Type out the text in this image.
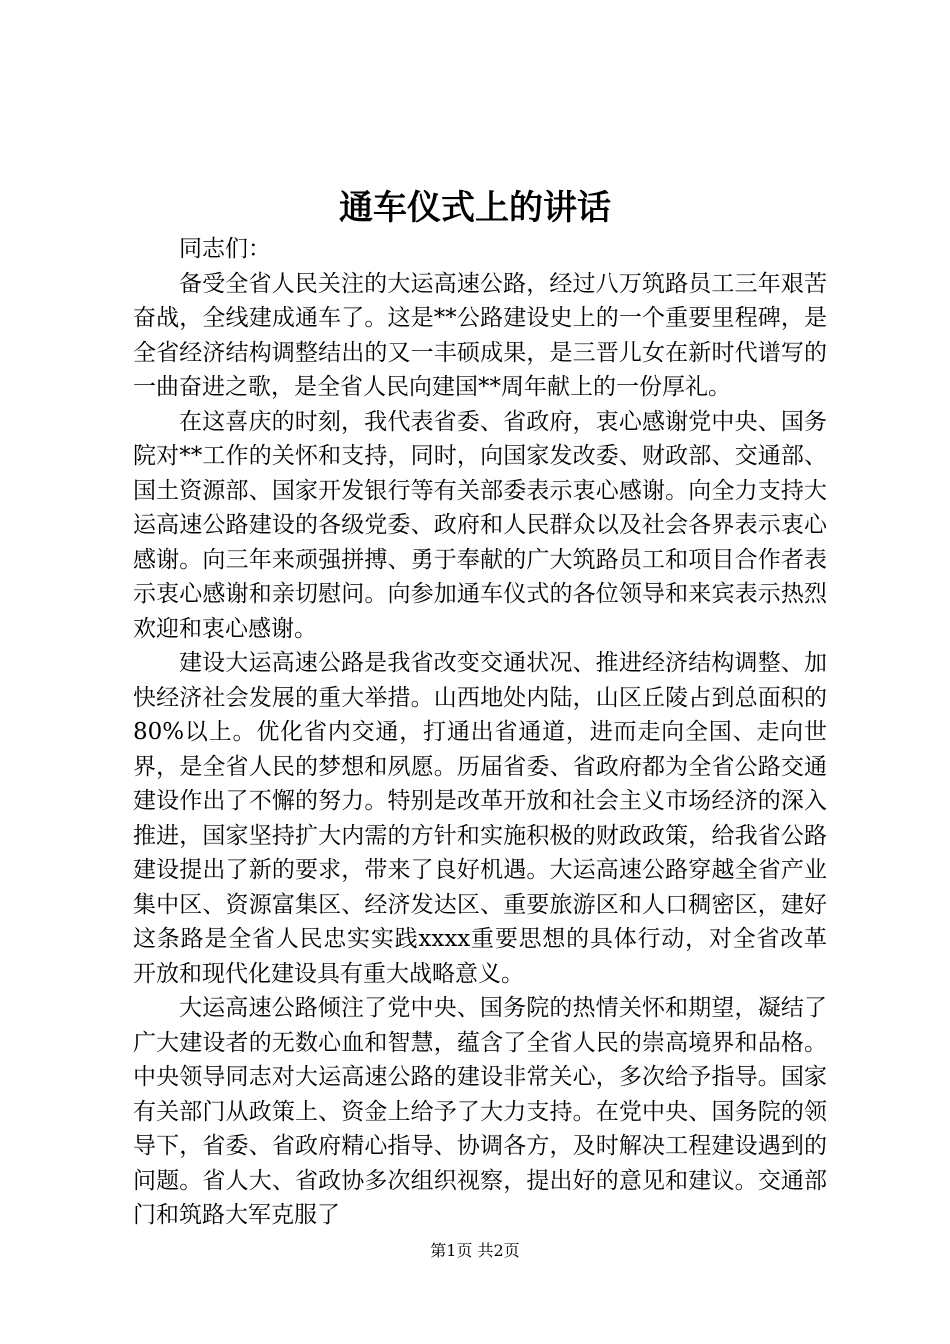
通车仪式上的讲话

同志们：

备受全省人民关注的大运高速公路，经过八万筑路员工三年艰苦奋战，全线建成通车了。这是**公路建设史上的一个重要里程碑，是全省经济结构调整结出的又一丰硕成果，是三晋儿女在新时代谱写的一曲奋进之歌，是全省人民向建国**周年献上的一份厚礼。

在这喜庆的时刻，我代表省委、省政府，衷心感谢党中央、国务院对**工作的关怀和支持，同时，向国家发改委、财政部、交通部、国土资源部、国家开发银行等有关部委表示衷心感谢。向全力支持大运高速公路建设的各级党委、政府和人民群众以及社会各界表示衷心感谢。向三年来顽强拼搏、勇于奉献的广大筑路员工和项目合作者表示衷心感谢和亲切慰问。向参加通车仪式的各位领导和来宾表示热烈欢迎和衷心感谢。

建设大运高速公路是我省改变交通状况、推进经济结构调整、加快经济社会发展的重大举措。山西地处内陆，山区丘陵占到总面积的80%以上。优化省内交通，打通出省通道，进而走向全国、走向世界，是全省人民的梦想和夙愿。历届省委、省政府都为全省公路交通建设作出了不懈的努力。特别是改革开放和社会主义市场经济的深入推进，国家坚持扩大内需的方针和实施积极的财政政策，给我省公路建设提出了新的要求，带来了良好机遇。大运高速公路穿越全省产业集中区、资源富集区、经济发达区、重要旅游区和人口稠密区，建好这条路是全省人民忠实实践xxxx重要思想的具体行动，对全省改革开放和现代化建设具有重大战略意义。

大运高速公路倾注了党中央、国务院的热情关怀和期望，凝结了广大建设者的无数心血和智慧，蕴含了全省人民的崇高境界和品格。中央领导同志对大运高速公路的建设非常关心，多次给予指导。国家有关部门从政策上、资金上给予了大力支持。在党中央、国务院的领导下，省委、省政府精心指导、协调各方，及时解决工程建设遇到的问题。省人大、省政协多次组织视察，提出好的意见和建议。交通部门和筑路大军克服了

第1页 共2页
